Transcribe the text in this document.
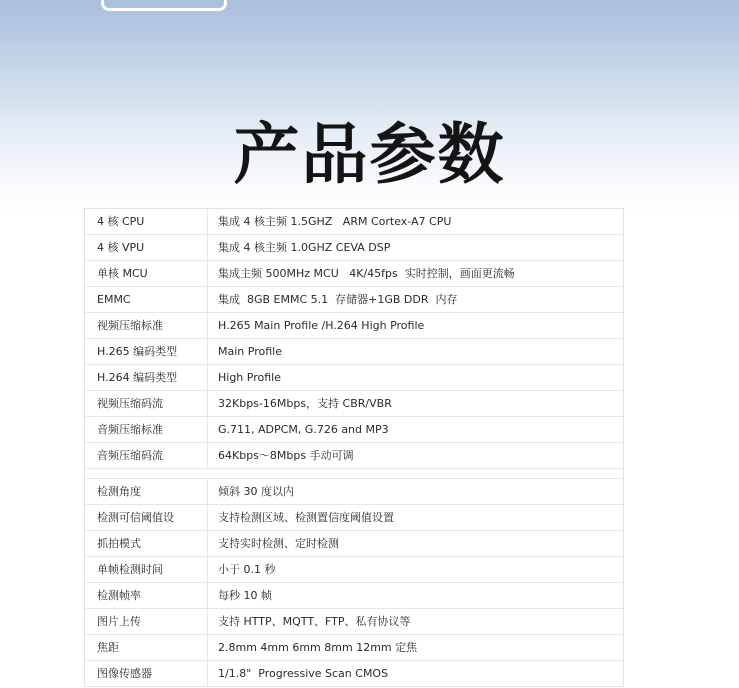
产品参数
4 核 CPU	集成 4 核主频 1.5GHZ   ARM Cortex-A7 CPU
4 核 VPU	集成 4 核主频 1.0GHZ CEVA DSP
单核 MCU	集成主频 500MHz MCU   4K/45fps  实时控制，画面更流畅
EMMC	集成  8GB EMMC 5.1  存储器+1GB DDR  内存
视频压缩标准	H.265 Main Profile /H.264 High Profile
H.265 编码类型	Main Profile
H.264 编码类型	High Profile
视频压缩码流	32Kbps-16Mbps，支持 CBR/VBR
音频压缩标准	G.711, ADPCM, G.726 and MP3
音频压缩码流	64Kbps～8Mbps 手动可调
检测角度	倾斜 30 度以内
检测可信阈值设	支持检测区域、检测置信度阈值设置
抓拍模式	支持实时检测、定时检测
单帧检测时间	小于 0.1 秒
检测帧率	每秒 10 帧
图片上传	支持 HTTP、MQTT、FTP、私有协议等
焦距	2.8mm 4mm 6mm 8mm 12mm 定焦
图像传感器	1/1.8"  Progressive Scan CMOS
